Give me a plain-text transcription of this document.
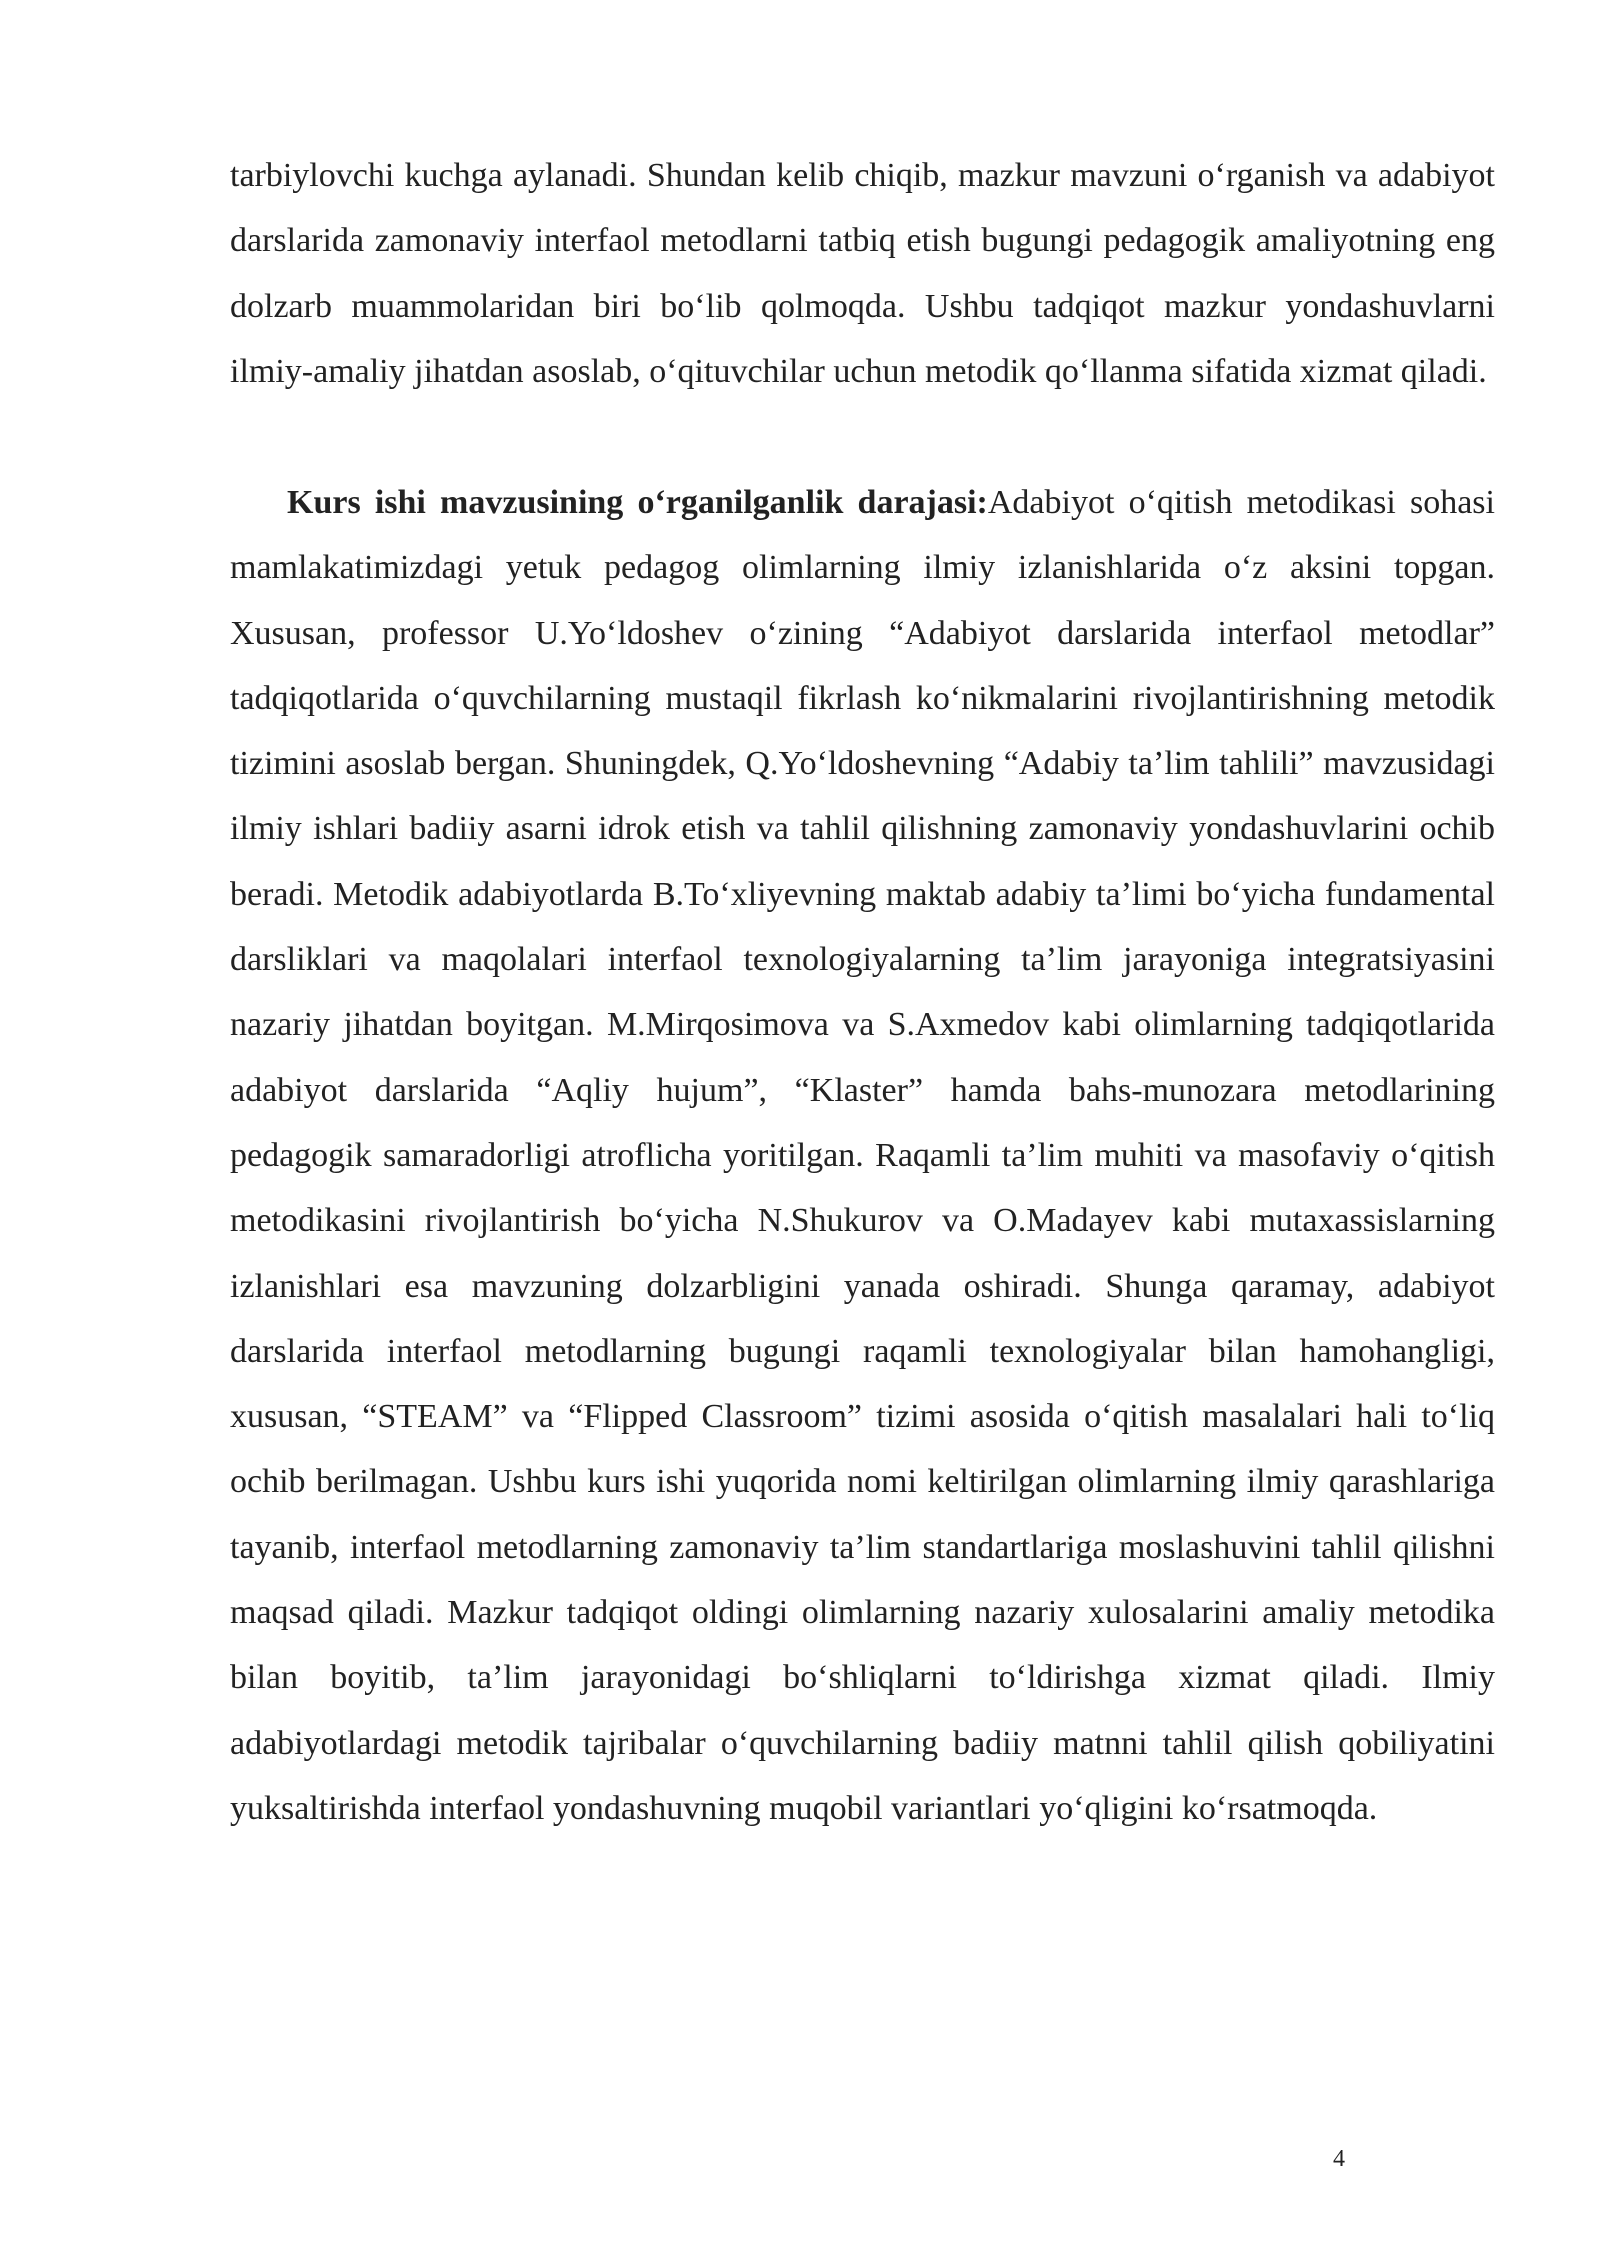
tarbiylovchi kuchga aylanadi. Shundan kelib chiqib, mazkur mavzuni o‘rganish va adabiyot darslarida zamonaviy interfaol metodlarni tatbiq etish bugungi pedagogik amaliyotning eng dolzarb muammolaridan biri bo‘lib qolmoqda. Ushbu tadqiqot mazkur yondashuvlarni ilmiy-amaliy jihatdan asoslab, o‘qituvchilar uchun metodik qo‘llanma sifatida xizmat qiladi.

Kurs ishi mavzusining o‘rganilganlik darajasi:Adabiyot o‘qitish metodikasi sohasi mamlakatimizdagi yetuk pedagog olimlarning ilmiy izlanishlarida o‘z aksini topgan. Xususan, professor U.Yo‘ldoshev o‘zining “Adabiyot darslarida interfaol metodlar” tadqiqotlarida o‘quvchilarning mustaqil fikrlash ko‘nikmalarini rivojlantirishning metodik tizimini asoslab bergan. Shuningdek, Q.Yo‘ldoshevning “Adabiy ta’lim tahlili” mavzusidagi ilmiy ishlari badiiy asarni idrok etish va tahlil qilishning zamonaviy yondashuvlarini ochib beradi. Metodik adabiyotlarda B.To‘xliyevning maktab adabiy ta’limi bo‘yicha fundamental darsliklari va maqolalari interfaol texnologiyalarning ta’lim jarayoniga integratsiyasini nazariy jihatdan boyitgan. M.Mirqosimova va S.Axmedov kabi olimlarning tadqiqotlarida adabiyot darslarida “Aqliy hujum”, “Klaster” hamda bahs-munozara metodlarining pedagogik samaradorligi atroflicha yoritilgan. Raqamli ta’lim muhiti va masofaviy o‘qitish metodikasini rivojlantirish bo‘yicha N.Shukurov va O.Madayev kabi mutaxassislarning izlanishlari esa mavzuning dolzarbligini yanada oshiradi. Shunga qaramay, adabiyot darslarida interfaol metodlarning bugungi raqamli texnologiyalar bilan hamohangligi, xususan, “STEAM” va “Flipped Classroom” tizimi asosida o‘qitish masalalari hali to‘liq ochib berilmagan. Ushbu kurs ishi yuqorida nomi keltirilgan olimlarning ilmiy qarashlariga tayanib, interfaol metodlarning zamonaviy ta’lim standartlariga moslashuvini tahlil qilishni maqsad qiladi. Mazkur tadqiqot oldingi olimlarning nazariy xulosalarini amaliy metodika bilan boyitib, ta’lim jarayonidagi bo‘shliqlarni to‘ldirishga xizmat qiladi. Ilmiy adabiyotlardagi metodik tajribalar o‘quvchilarning badiiy matnni tahlil qilish qobiliyatini yuksaltirishda interfaol yondashuvning muqobil variantlari yo‘qligini ko‘rsatmoqda.

4
